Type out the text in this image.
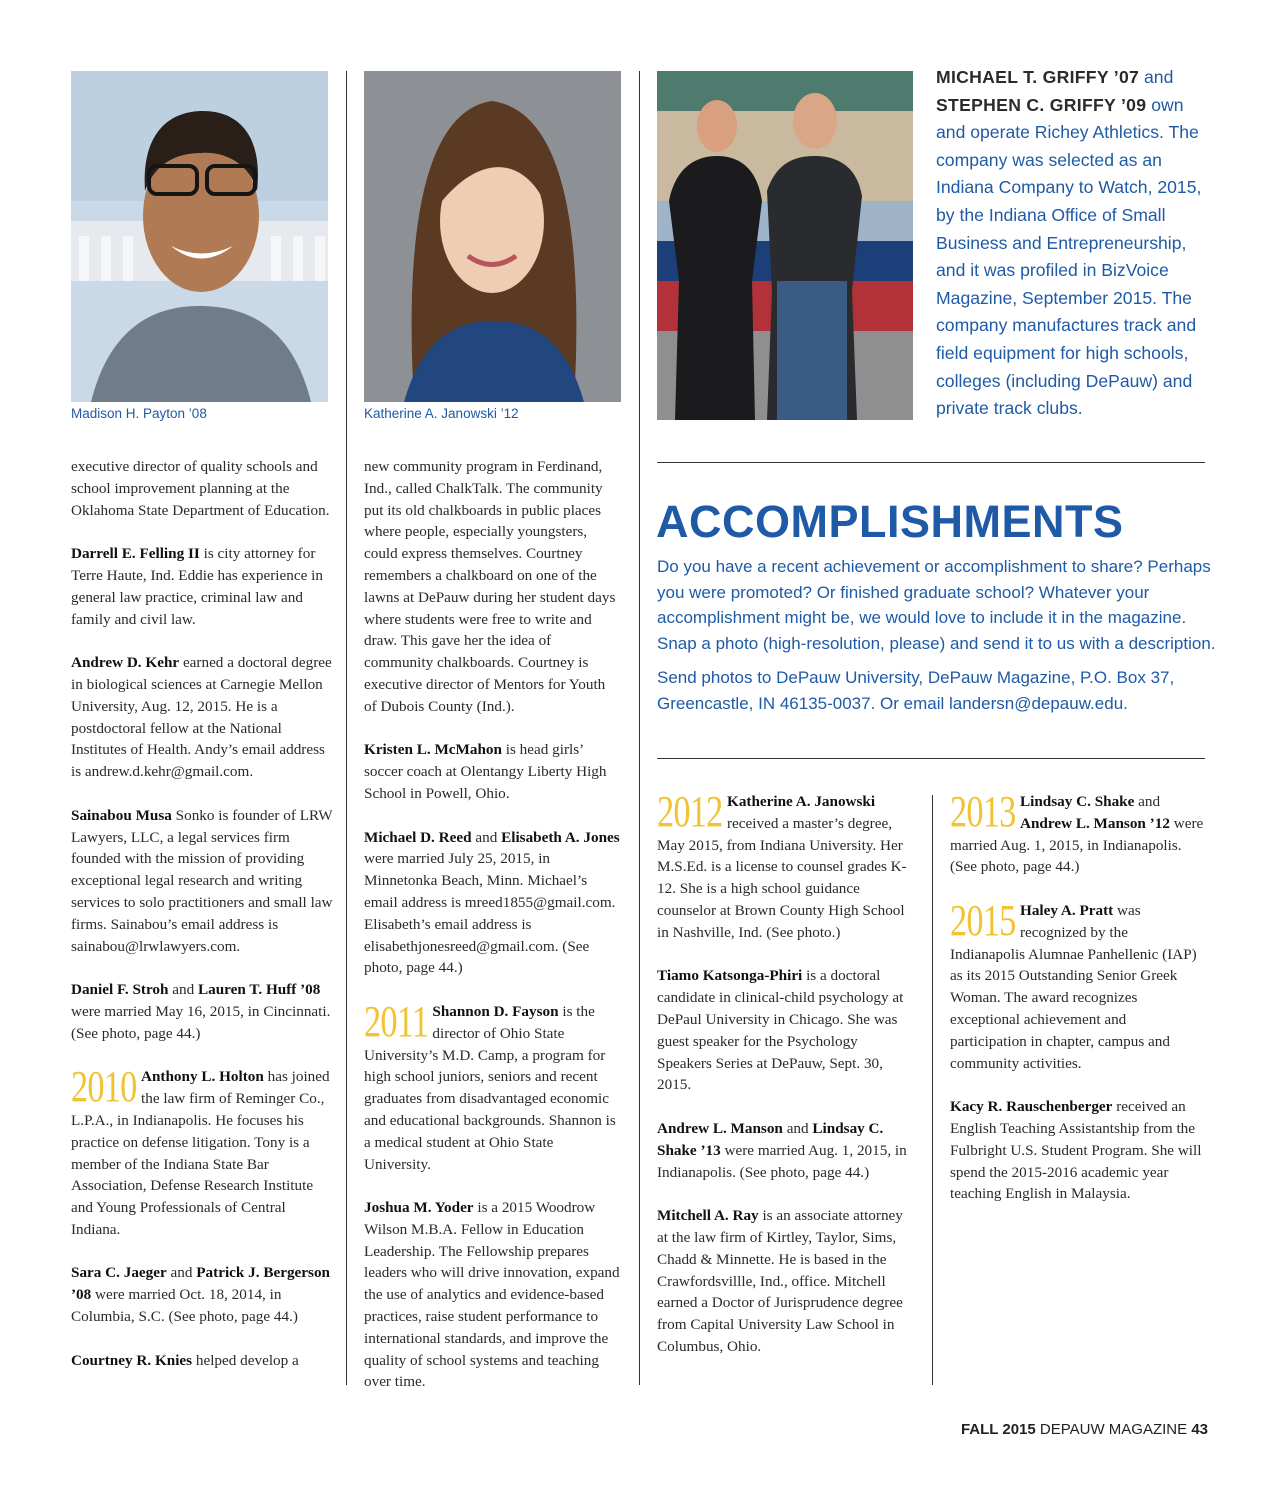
Madison H. Payton ’08	Katherine A. Janowski ’12
MICHAEL T. GRIFFY ’07 and STEPHEN C. GRIFFY ’09 own and operate Richey Athletics. The company was selected as an Indiana Company to Watch, 2015, by the Indiana Office of Small Business and Entrepreneurship, and it was profiled in BizVoice Magazine, September 2015. The company manufactures track and field equipment for high schools, colleges (including DePauw) and private track clubs.

executive director of quality schools and school improvement planning at the Oklahoma State Department of Education.

Darrell E. Felling II is city attorney for Terre Haute, Ind. Eddie has experience in general law practice, criminal law and family and civil law.

Andrew D. Kehr earned a doctoral degree in biological sciences at Carnegie Mellon University, Aug. 12, 2015. He is a postdoctoral fellow at the National Institutes of Health. Andy’s email address is andrew.d.kehr@gmail.com.

Sainabou Musa Sonko is founder of LRW Lawyers, LLC, a legal services firm founded with the mission of providing exceptional legal research and writing services to solo practitioners and small law firms. Sainabou’s email address is sainabou@lrwlawyers.com.

Daniel F. Stroh and Lauren T. Huff ’08 were married May 16, 2015, in Cincinnati. (See photo, page 44.)

2010 Anthony L. Holton has joined the law firm of Reminger Co., L.P.A., in Indianapolis. He focuses his practice on defense litigation. Tony is a member of the Indiana State Bar Association, Defense Research Institute and Young Professionals of Central Indiana.

Sara C. Jaeger and Patrick J. Bergerson ’08 were married Oct. 18, 2014, in Columbia, S.C. (See photo, page 44.)

Courtney R. Knies helped develop a

new community program in Ferdinand, Ind., called ChalkTalk. The community put its old chalkboards in public places where people, especially youngsters, could express themselves. Courtney remembers a chalkboard on one of the lawns at DePauw during her student days where students were free to write and draw. This gave her the idea of community chalkboards. Courtney is executive director of Mentors for Youth of Dubois County (Ind.).

Kristen L. McMahon is head girls’ soccer coach at Olentangy Liberty High School in Powell, Ohio.

Michael D. Reed and Elisabeth A. Jones were married July 25, 2015, in Minnetonka Beach, Minn. Michael’s email address is mreed1855@gmail.com. Elisabeth’s email address is elisabethjonesreed@gmail.com. (See photo, page 44.)

2011 Shannon D. Fayson is the director of Ohio State University’s M.D. Camp, a program for high school juniors, seniors and recent graduates from disadvantaged economic and educational backgrounds. Shannon is a medical student at Ohio State University.

Joshua M. Yoder is a 2015 Woodrow Wilson M.B.A. Fellow in Education Leadership. The Fellowship prepares leaders who will drive innovation, expand the use of analytics and evidence-based practices, raise student performance to international standards, and improve the quality of school systems and teaching over time.

ACCOMPLISHMENTS
Do you have a recent achievement or accomplishment to share? Perhaps you were promoted? Or finished graduate school? Whatever your accomplishment might be, we would love to include it in the magazine. Snap a photo (high-resolution, please) and send it to us with a description.
Send photos to DePauw University, DePauw Magazine, P.O. Box 37, Greencastle, IN 46135-0037. Or email landersn@depauw.edu.

2012 Katherine A. Janowski received a master’s degree, May 2015, from Indiana University. Her M.S.Ed. is a license to counsel grades K-12. She is a high school guidance counselor at Brown County High School in Nashville, Ind. (See photo.)

Tiamo Katsonga-Phiri is a doctoral candidate in clinical-child psychology at DePaul University in Chicago. She was guest speaker for the Psychology Speakers Series at DePauw, Sept. 30, 2015.

Andrew L. Manson and Lindsay C. Shake ’13 were married Aug. 1, 2015, in Indianapolis. (See photo, page 44.)

Mitchell A. Ray is an associate attorney at the law firm of Kirtley, Taylor, Sims, Chadd & Minnette. He is based in the Crawfordsvillle, Ind., office. Mitchell earned a Doctor of Jurisprudence degree from Capital University Law School in Columbus, Ohio.

2013 Lindsay C. Shake and Andrew L. Manson ’12 were married Aug. 1, 2015, in Indianapolis. (See photo, page 44.)

2015 Haley A. Pratt was recognized by the Indianapolis Alumnae Panhellenic (IAP) as its 2015 Outstanding Senior Greek Woman. The award recognizes exceptional achievement and participation in chapter, campus and community activities.

Kacy R. Rauschenberger received an English Teaching Assistantship from the Fulbright U.S. Student Program. She will spend the 2015-2016 academic year teaching English in Malaysia.

FALL 2015 DEPAUW MAGAZINE 43
